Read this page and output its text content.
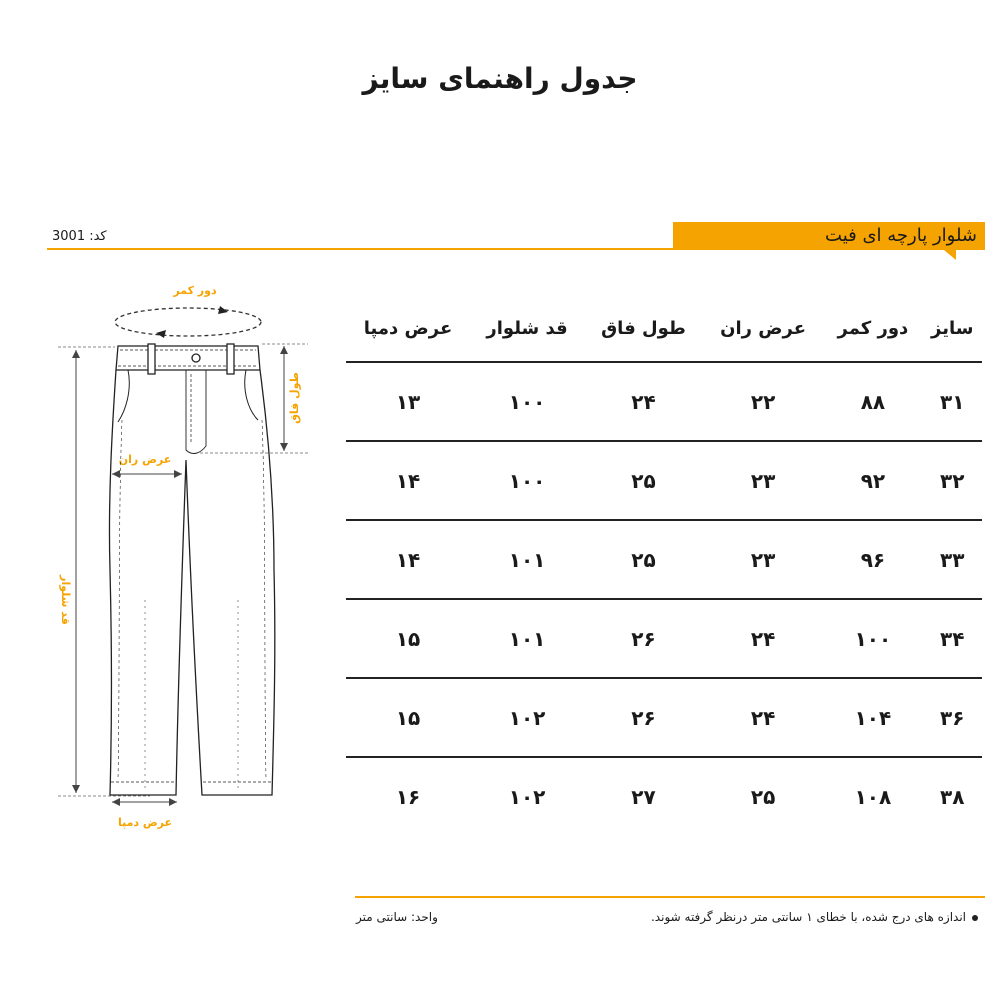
جدول راهنمای سایز
کد: 3001	شلوار پارچه ای فیت
دور کمر
قد شلوار
طول فاق
عرض ران
عرض دمپا
سایز	دور کمر	عرض ران	طول فاق	قد شلوار	عرض دمپا
۳۱	۸۸	۲۲	۲۴	۱۰۰	۱۳
۳۲	۹۲	۲۳	۲۵	۱۰۰	۱۴
۳۳	۹۶	۲۳	۲۵	۱۰۱	۱۴
۳۴	۱۰۰	۲۴	۲۶	۱۰۱	۱۵
۳۶	۱۰۴	۲۴	۲۶	۱۰۲	۱۵
۳۸	۱۰۸	۲۵	۲۷	۱۰۲	۱۶
اندازه های درج شده، با خطای ۱ سانتی متر درنظر گرفته شوند.
واحد: سانتی متر
